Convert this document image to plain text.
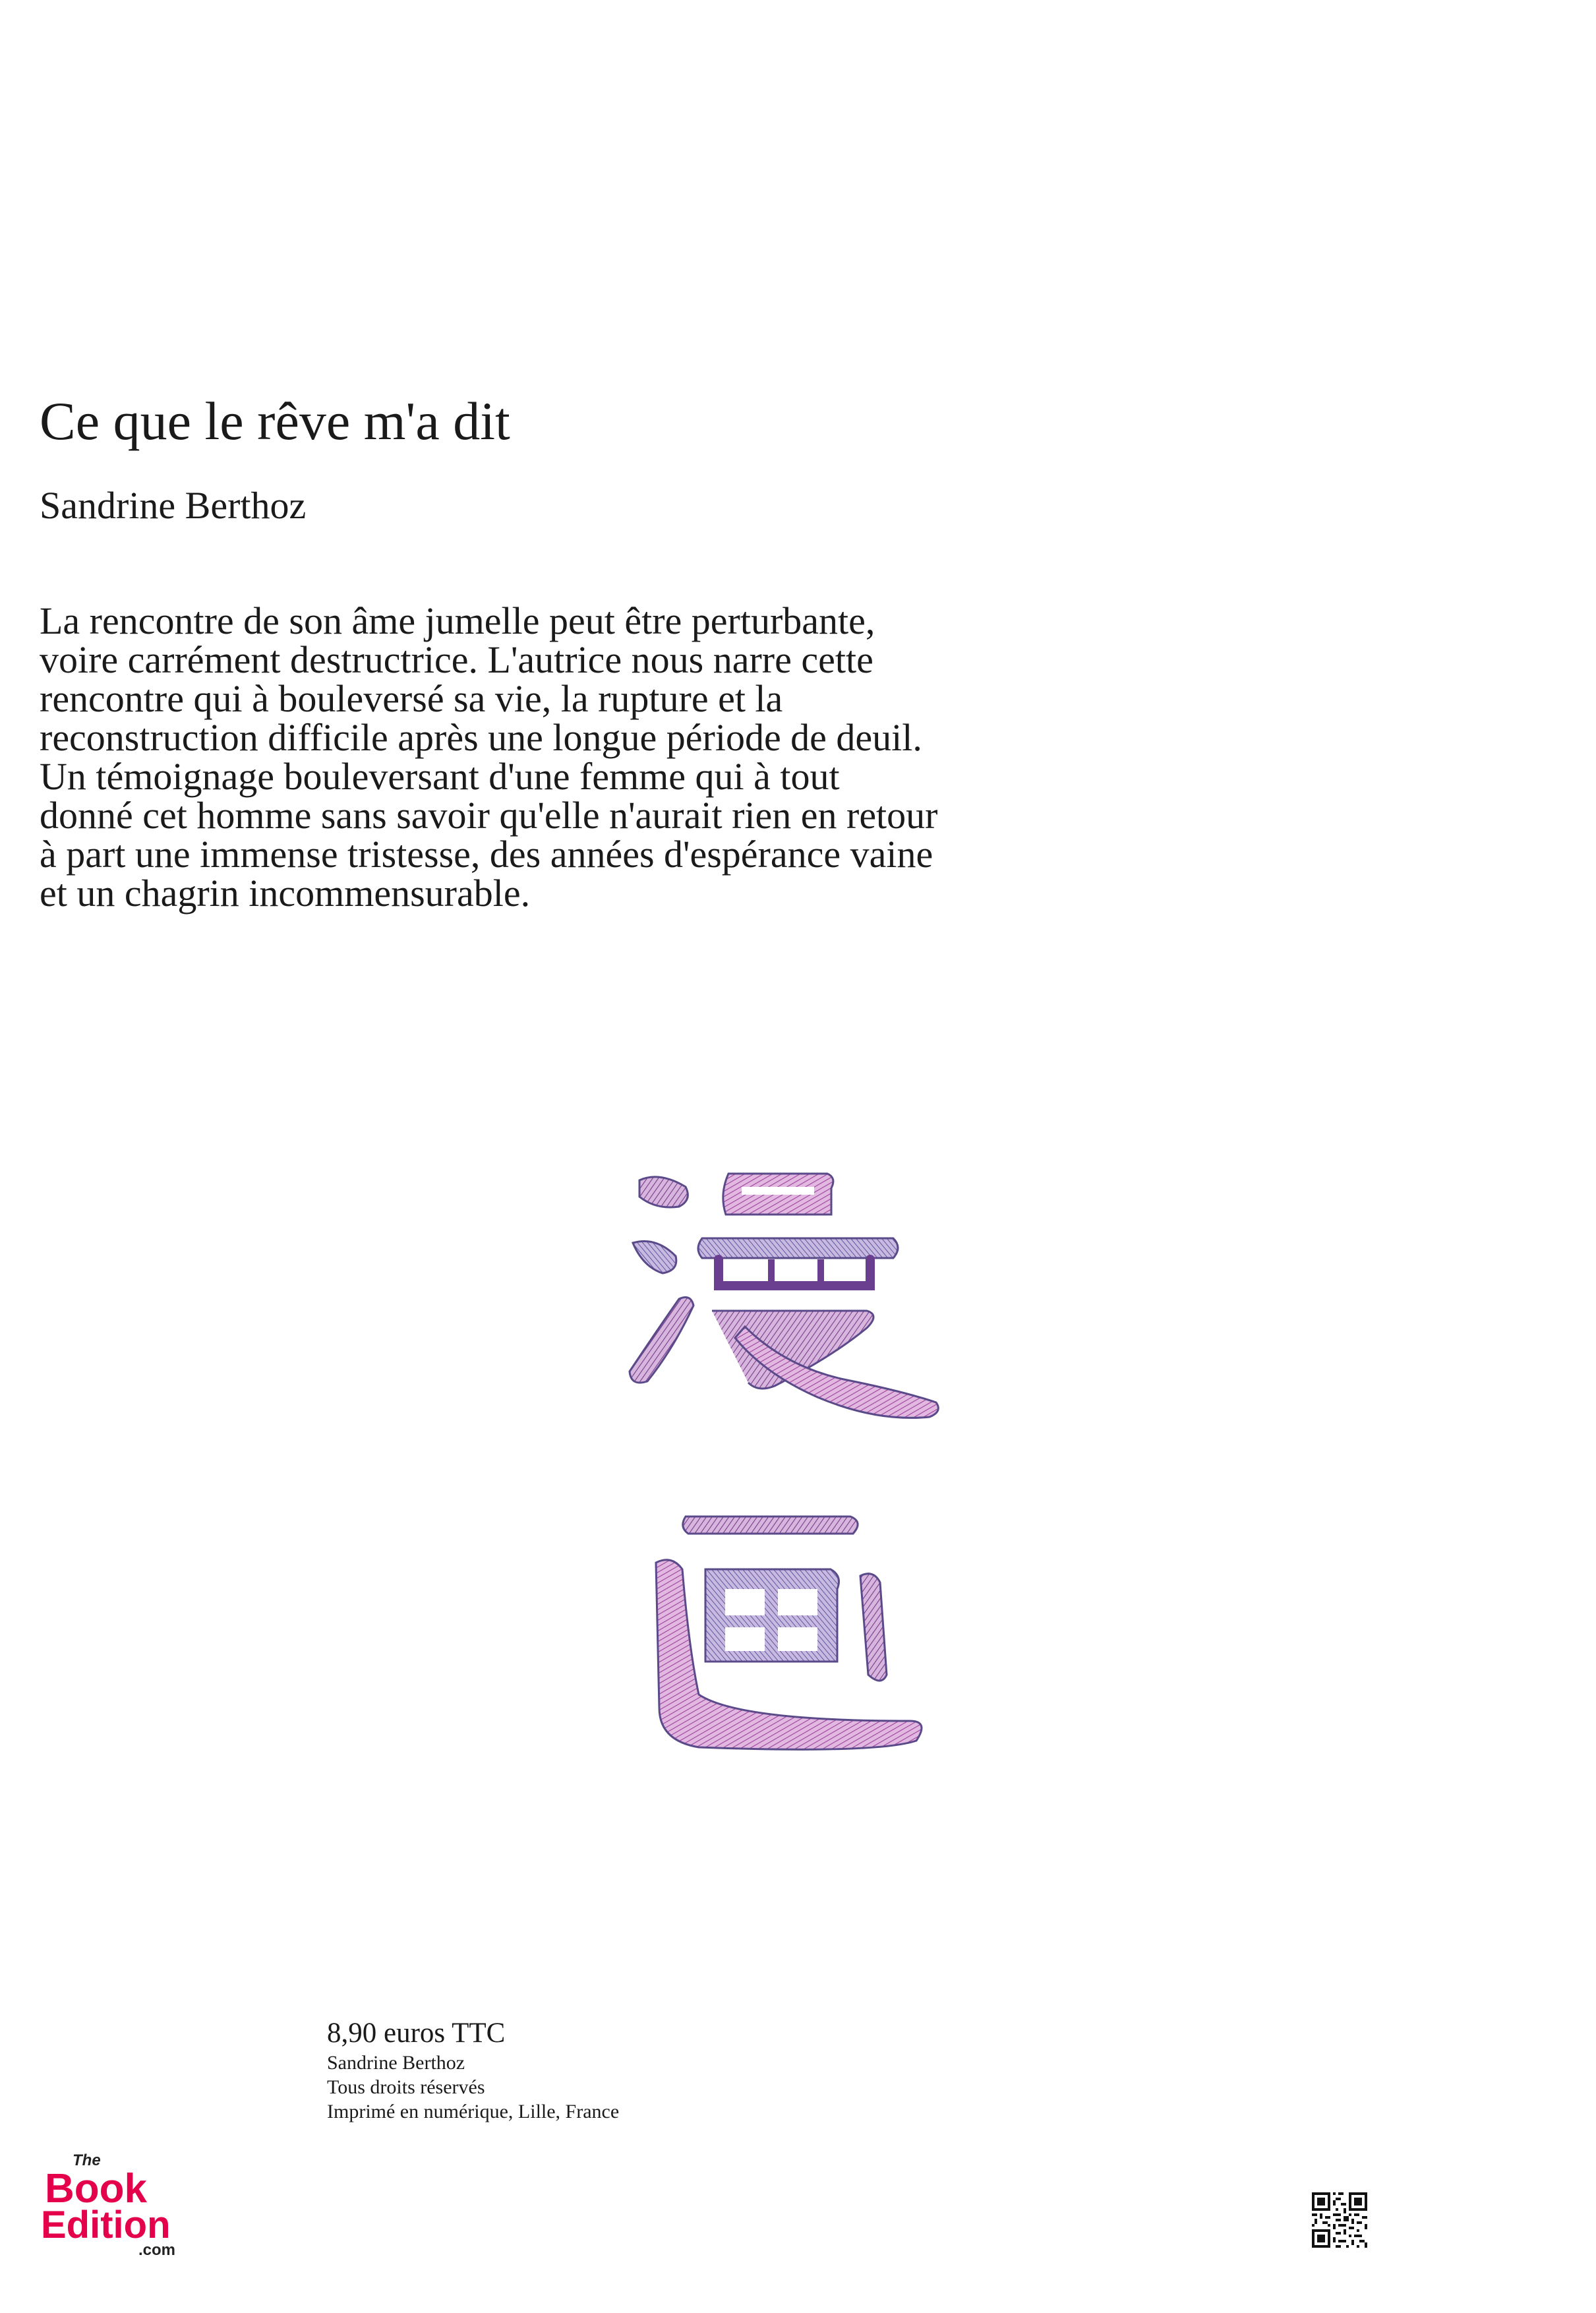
Ce que le rêve m'a dit
Sandrine Berthoz
La rencontre de son âme jumelle peut être perturbante,
voire carrément destructrice. L'autrice nous narre cette
rencontre qui à bouleversé sa vie, la rupture et la
reconstruction difficile après une longue période de deuil.
Un témoignage bouleversant d'une femme qui à tout
donné cet homme sans savoir qu'elle n'aurait rien en retour
à part une immense tristesse, des années d'espérance vaine
et un chagrin incommensurable.
8,90 euros TTC
Sandrine Berthoz
Tous droits réservés
Imprimé en numérique, Lille, France
The
Book
Edition
.com
